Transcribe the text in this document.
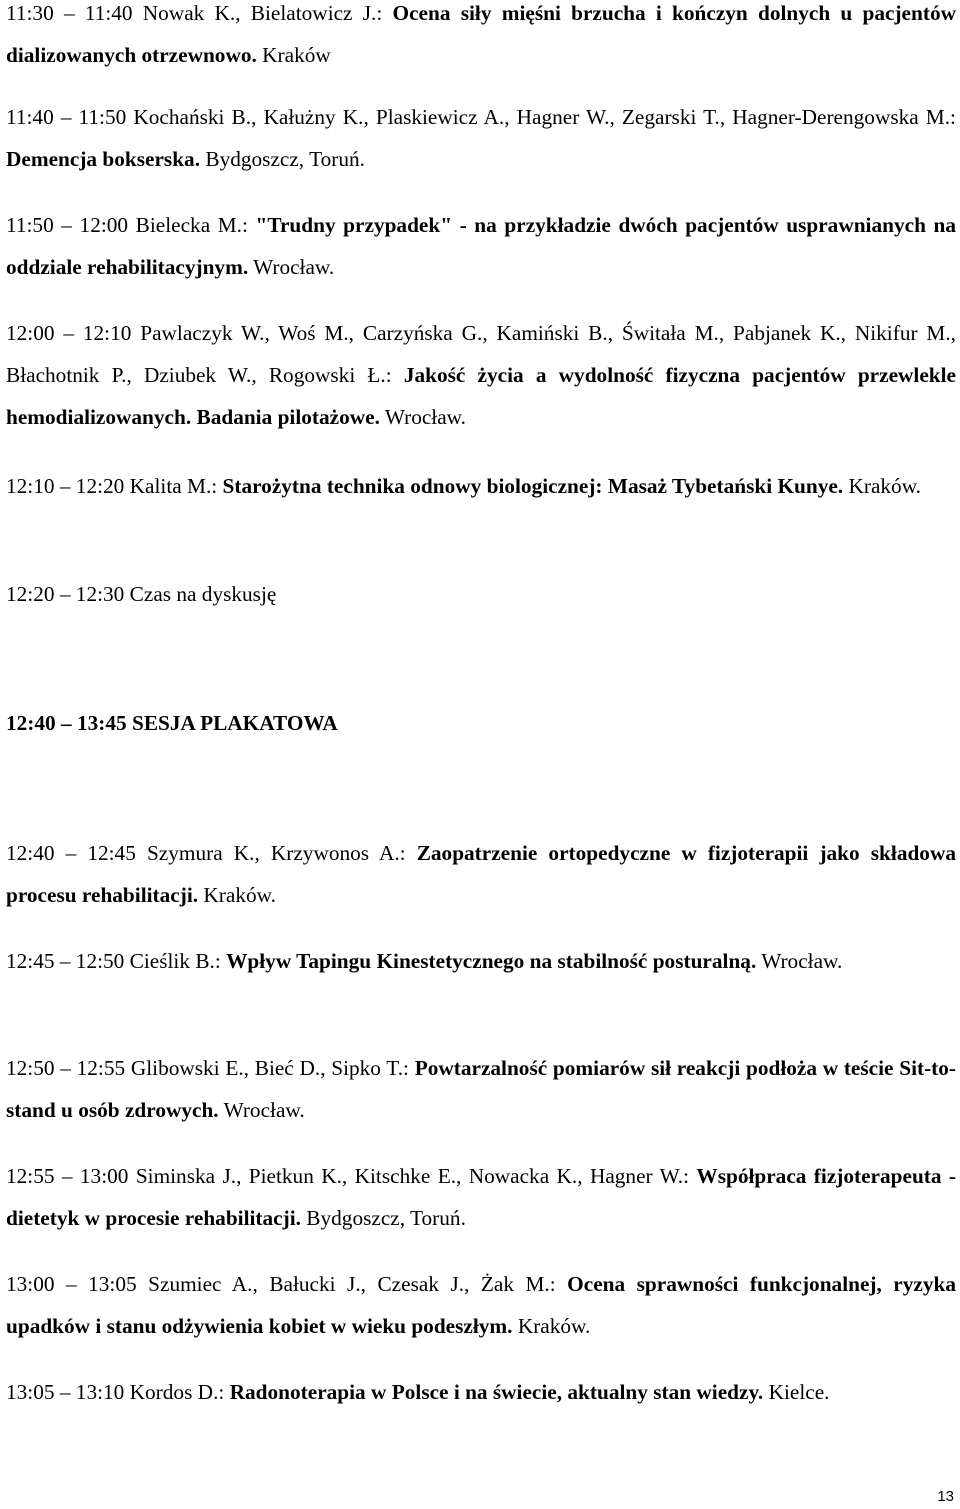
11:30 – 11:40 Nowak K., Bielatowicz J.: Ocena siły mięśni brzucha i kończyn dolnych u pacjentów dializowanych otrzewnowo. Kraków

11:40 – 11:50 Kochański B., Kałużny K., Plaskiewicz A., Hagner W., Zegarski T., Hagner-Derengowska M.: Demencja bokserska. Bydgoszcz, Toruń.

11:50 – 12:00 Bielecka M.: "Trudny przypadek" - na przykładzie dwóch pacjentów usprawnianych na oddziale rehabilitacyjnym. Wrocław.

12:00 – 12:10 Pawlaczyk W., Woś M., Carzyńska G., Kamiński B., Świtała M., Pabjanek K., Nikifur M., Błachotnik P., Dziubek W., Rogowski Ł.: Jakość życia a wydolność fizyczna pacjentów przewlekle hemodializowanych. Badania pilotażowe. Wrocław.

12:10 – 12:20 Kalita M.: Starożytna technika odnowy biologicznej: Masaż Tybetański Kunye. Kraków.

12:20 – 12:30 Czas na dyskusję

12:40 – 13:45 SESJA PLAKATOWA

12:40 – 12:45 Szymura K., Krzywonos A.: Zaopatrzenie ortopedyczne w fizjoterapii jako składowa procesu rehabilitacji. Kraków.

12:45 – 12:50 Cieślik B.: Wpływ Tapingu Kinestetycznego na stabilność posturalną. Wrocław.

12:50 – 12:55 Glibowski E., Bieć D., Sipko T.: Powtarzalność pomiarów sił reakcji podłoża w teście Sit-to-stand u osób zdrowych. Wrocław.

12:55 – 13:00 Siminska J., Pietkun K., Kitschke E., Nowacka K., Hagner W.: Współpraca fizjoterapeuta - dietetyk w procesie rehabilitacji. Bydgoszcz, Toruń.

13:00 – 13:05 Szumiec A., Bałucki J., Czesak J., Żak M.: Ocena sprawności funkcjonalnej, ryzyka upadków i stanu odżywienia kobiet w wieku podeszłym. Kraków.

13:05 – 13:10 Kordos D.: Radonoterapia w Polsce i na świecie, aktualny stan wiedzy. Kielce.

13
